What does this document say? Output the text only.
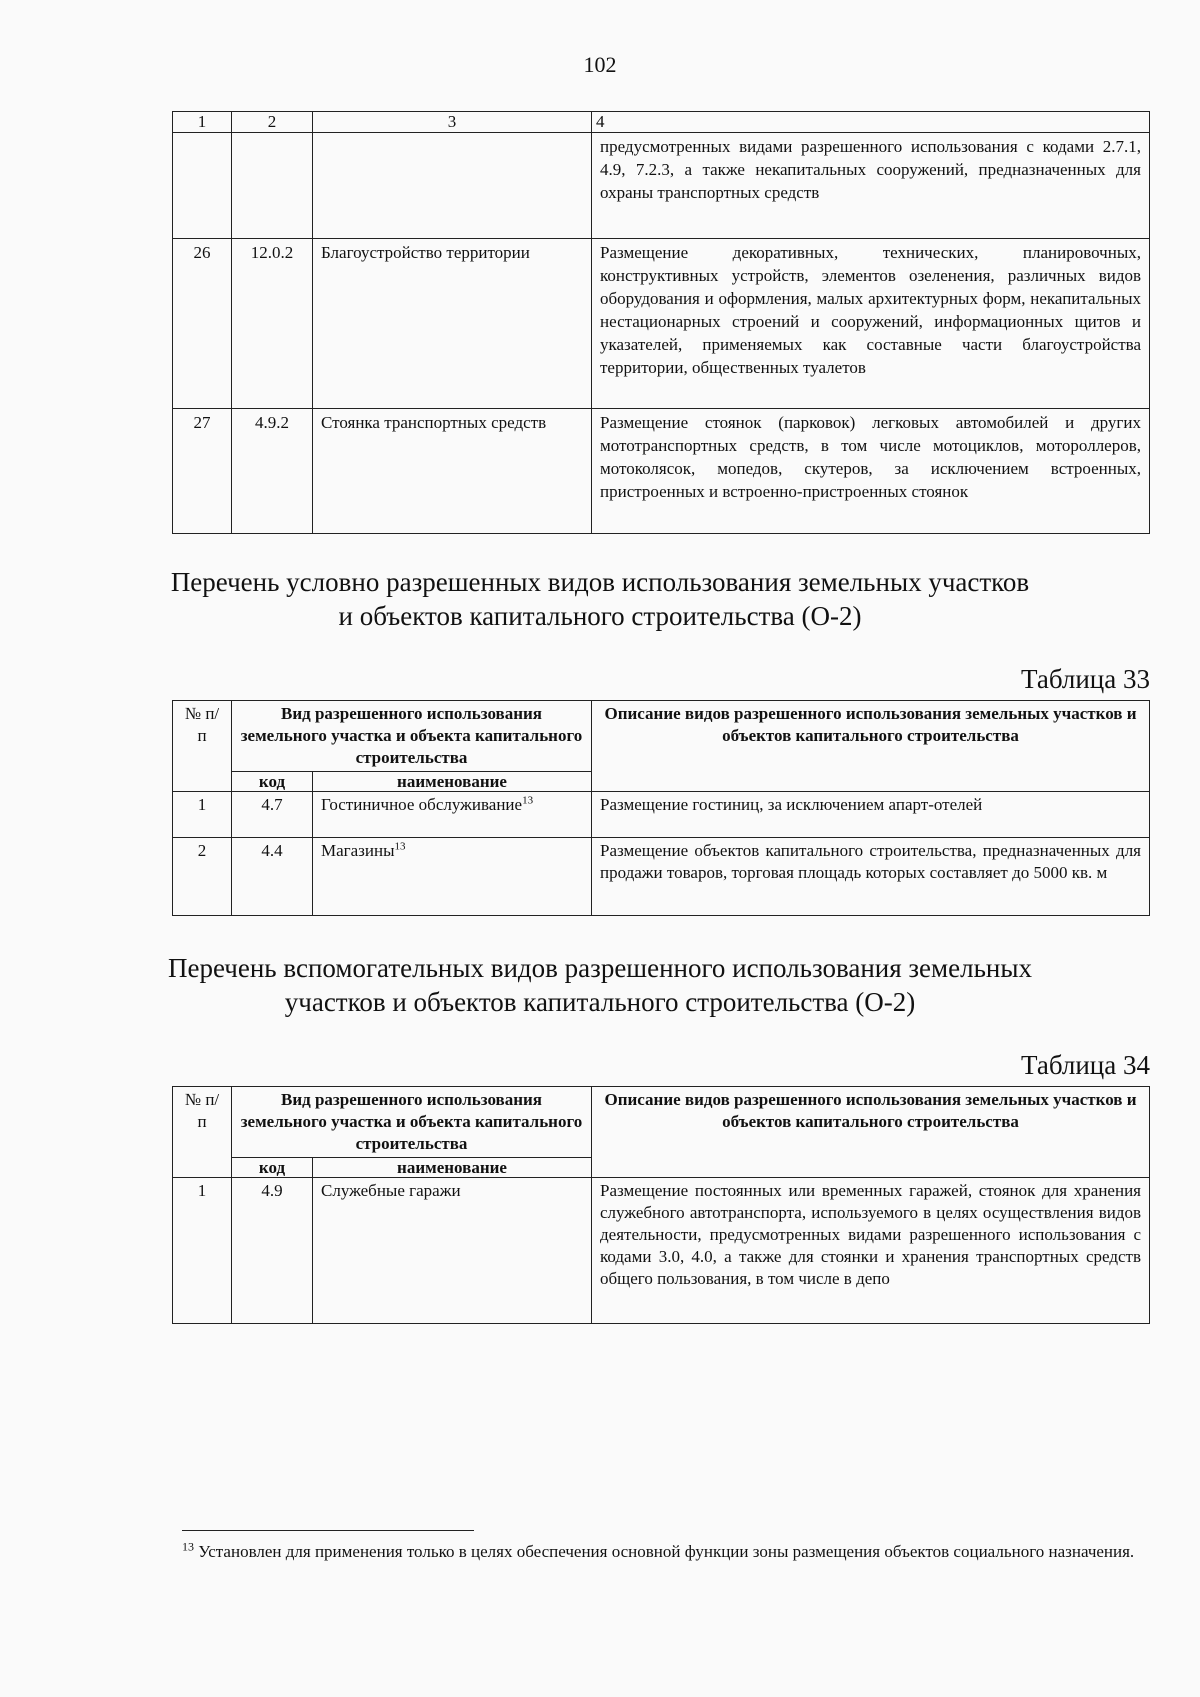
102
1	2	3	4
			предусмотренных видами разрешенного использования с кодами 2.7.1, 4.9, 7.2.3, а также некапитальных сооружений, предназначенных для охраны транспортных средств
26	12.0.2	Благоустройство территории	Размещение декоративных, технических, планировочных, конструктивных устройств, элементов озеленения, различных видов оборудования и оформления, малых архитектурных форм, некапитальных нестационарных строений и сооружений, информационных щитов и указателей, применяемых как составные части благоустройства территории, общественных туалетов
27	4.9.2	Стоянка транспортных средств	Размещение стоянок (парковок) легковых автомобилей и других мототранспортных средств, в том числе мотоциклов, мотороллеров, мотоколясок, мопедов, скутеров, за исключением встроенных, пристроенных и встроенно-пристроенных стоянок
Перечень условно разрешенных видов использования земельных участков
и объектов капитального строительства (О-2)
Таблица 33
№ п/п	Вид разрешенного использования земельного участка и объекта капитального строительства		Описание видов разрешенного использования земельных участков и объектов капитального строительства
	код	наименование	
1	4.7	Гостиничное обслуживание$^{13}$	Размещение гостиниц, за исключением апарт-отелей
2	4.4	Магазины$^{13}$	Размещение объектов капитального строительства, предназначенных для продажи товаров, торговая площадь которых составляет до 5000 кв. м
Перечень вспомогательных видов разрешенного использования земельных
участков и объектов капитального строительства (О-2)
Таблица 34
№ п/п	Вид разрешенного использования земельного участка и объекта капитального строительства		Описание видов разрешенного использования земельных участков и объектов капитального строительства
	код	наименование	
1	4.9	Служебные гаражи	Размещение постоянных или временных гаражей, стоянок для хранения служебного автотранспорта, используемого в целях осуществления видов деятельности, предусмотренных видами разрешенного использования с кодами 3.0, 4.0, а также для стоянки и хранения транспортных средств общего пользования, в том числе в депо
$^{13}$ Установлен для применения только в целях обеспечения основной функции зоны размещения объектов социального назначения.
